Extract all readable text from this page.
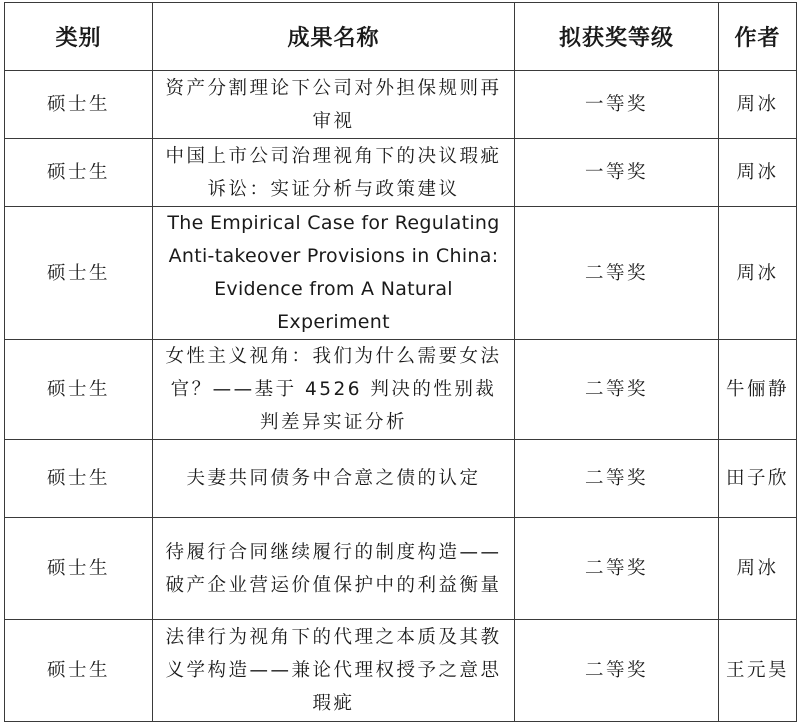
类别	成果名称	拟获奖等级	作者
硕士生	资产分割理论下公司对外担保规则再审视	一等奖	周冰
硕士生	中国上市公司治理视角下的决议瑕疵诉讼：实证分析与政策建议	一等奖	周冰
硕士生	The Empirical Case for Regulating Anti-takeover Provisions in China: Evidence from A Natural Experiment	二等奖	周冰
硕士生	女性主义视角：我们为什么需要女法官？——基于 4526 判决的性别裁判差异实证分析	二等奖	牛俪静
硕士生	夫妻共同债务中合意之债的认定	二等奖	田子欣
硕士生	待履行合同继续履行的制度构造——破产企业营运价值保护中的利益衡量	二等奖	周冰
硕士生	法律行为视角下的代理之本质及其教义学构造——兼论代理权授予之意思瑕疵	二等奖	王元昊
